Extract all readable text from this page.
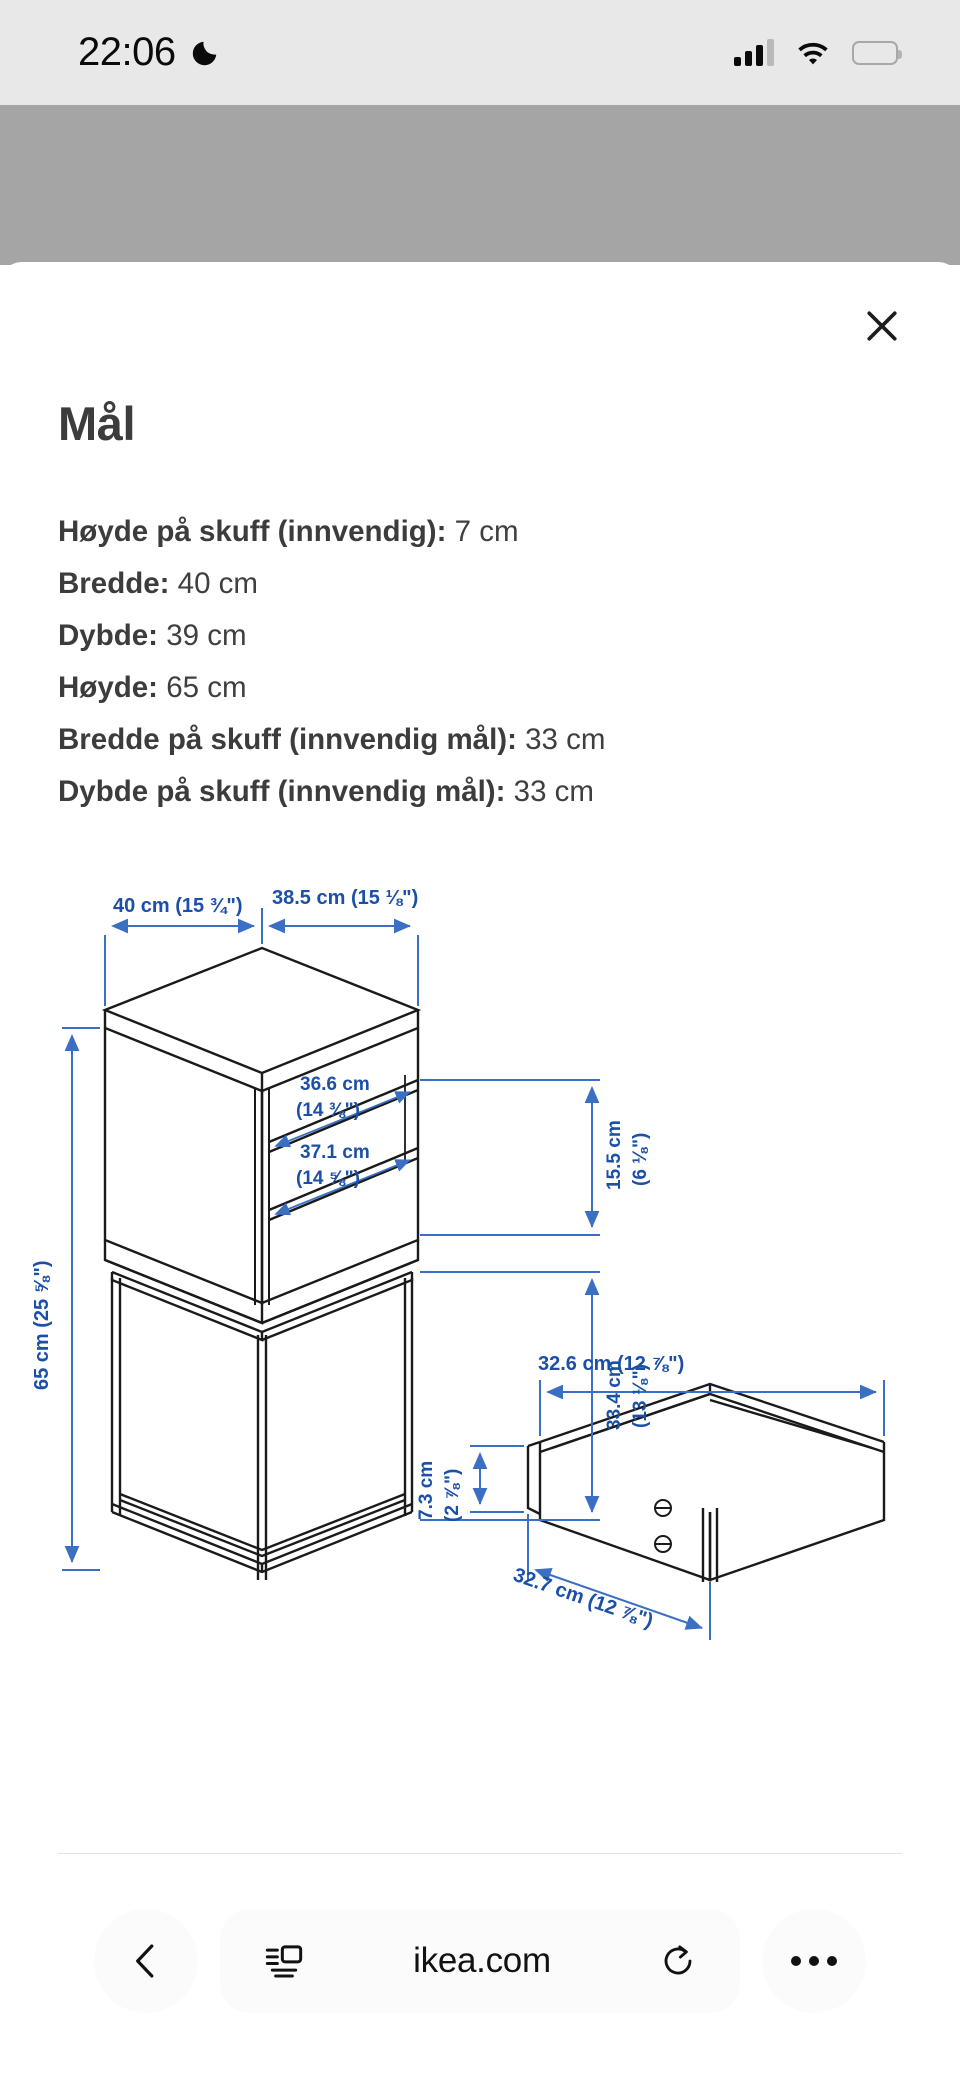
22:06
Mål
Høyde på skuff (innvendig): 7 cm
Bredde: 40 cm
Dybde: 39 cm
Høyde: 65 cm
Bredde på skuff (innvendig mål): 33 cm
Dybde på skuff (innvendig mål): 33 cm
40 cm (15 ¾") 38.5 cm (15 ⅛")
36.6 cm
(14 ⅜")
37.1 cm
(14 ⅝")
65 cm (25 ⅝")
15.5 cm (6 ⅛")
33.4 cm (13 ⅛")
32.6 cm (12 ⅞")
7.3 cm (2 ⅞")
32.7 cm (12 ⅞")
ikea.com
